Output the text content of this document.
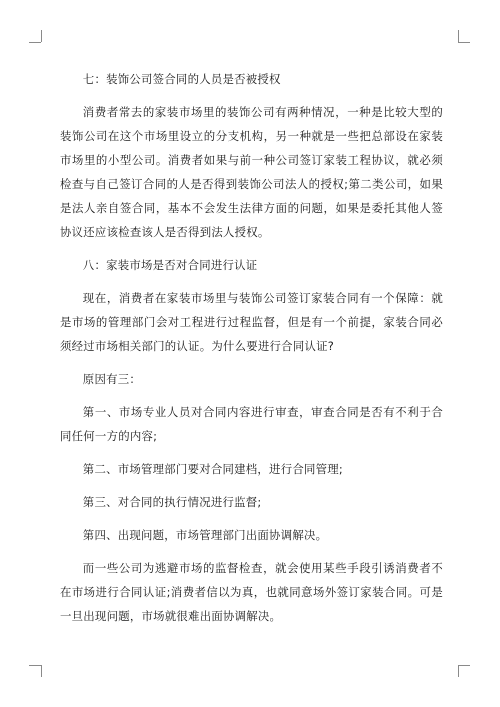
七：装饰公司签合同的人员是否被授权

消费者常去的家装市场里的装饰公司有两种情况，一种是比较大型的装饰公司在这个市场里设立的分支机构，另一种就是一些把总部设在家装市场里的小型公司。消费者如果与前一种公司签订家装工程协议，就必须检查与自己签订合同的人是否得到装饰公司法人的授权;第二类公司，如果是法人亲自签合同，基本不会发生法律方面的问题，如果是委托其他人签协议还应该检查该人是否得到法人授权。

八：家装市场是否对合同进行认证

现在，消费者在家装市场里与装饰公司签订家装合同有一个保障：就是市场的管理部门会对工程进行过程监督，但是有一个前提，家装合同必须经过市场相关部门的认证。为什么要进行合同认证?

原因有三：

第一、市场专业人员对合同内容进行审查，审查合同是否有不利于合同任何一方的内容;

第二、市场管理部门要对合同建档，进行合同管理;

第三、对合同的执行情况进行监督;

第四、出现问题，市场管理部门出面协调解决。

而一些公司为逃避市场的监督检查，就会使用某些手段引诱消费者不在市场进行合同认证;消费者信以为真，也就同意场外签订家装合同。可是一旦出现问题，市场就很难出面协调解决。
